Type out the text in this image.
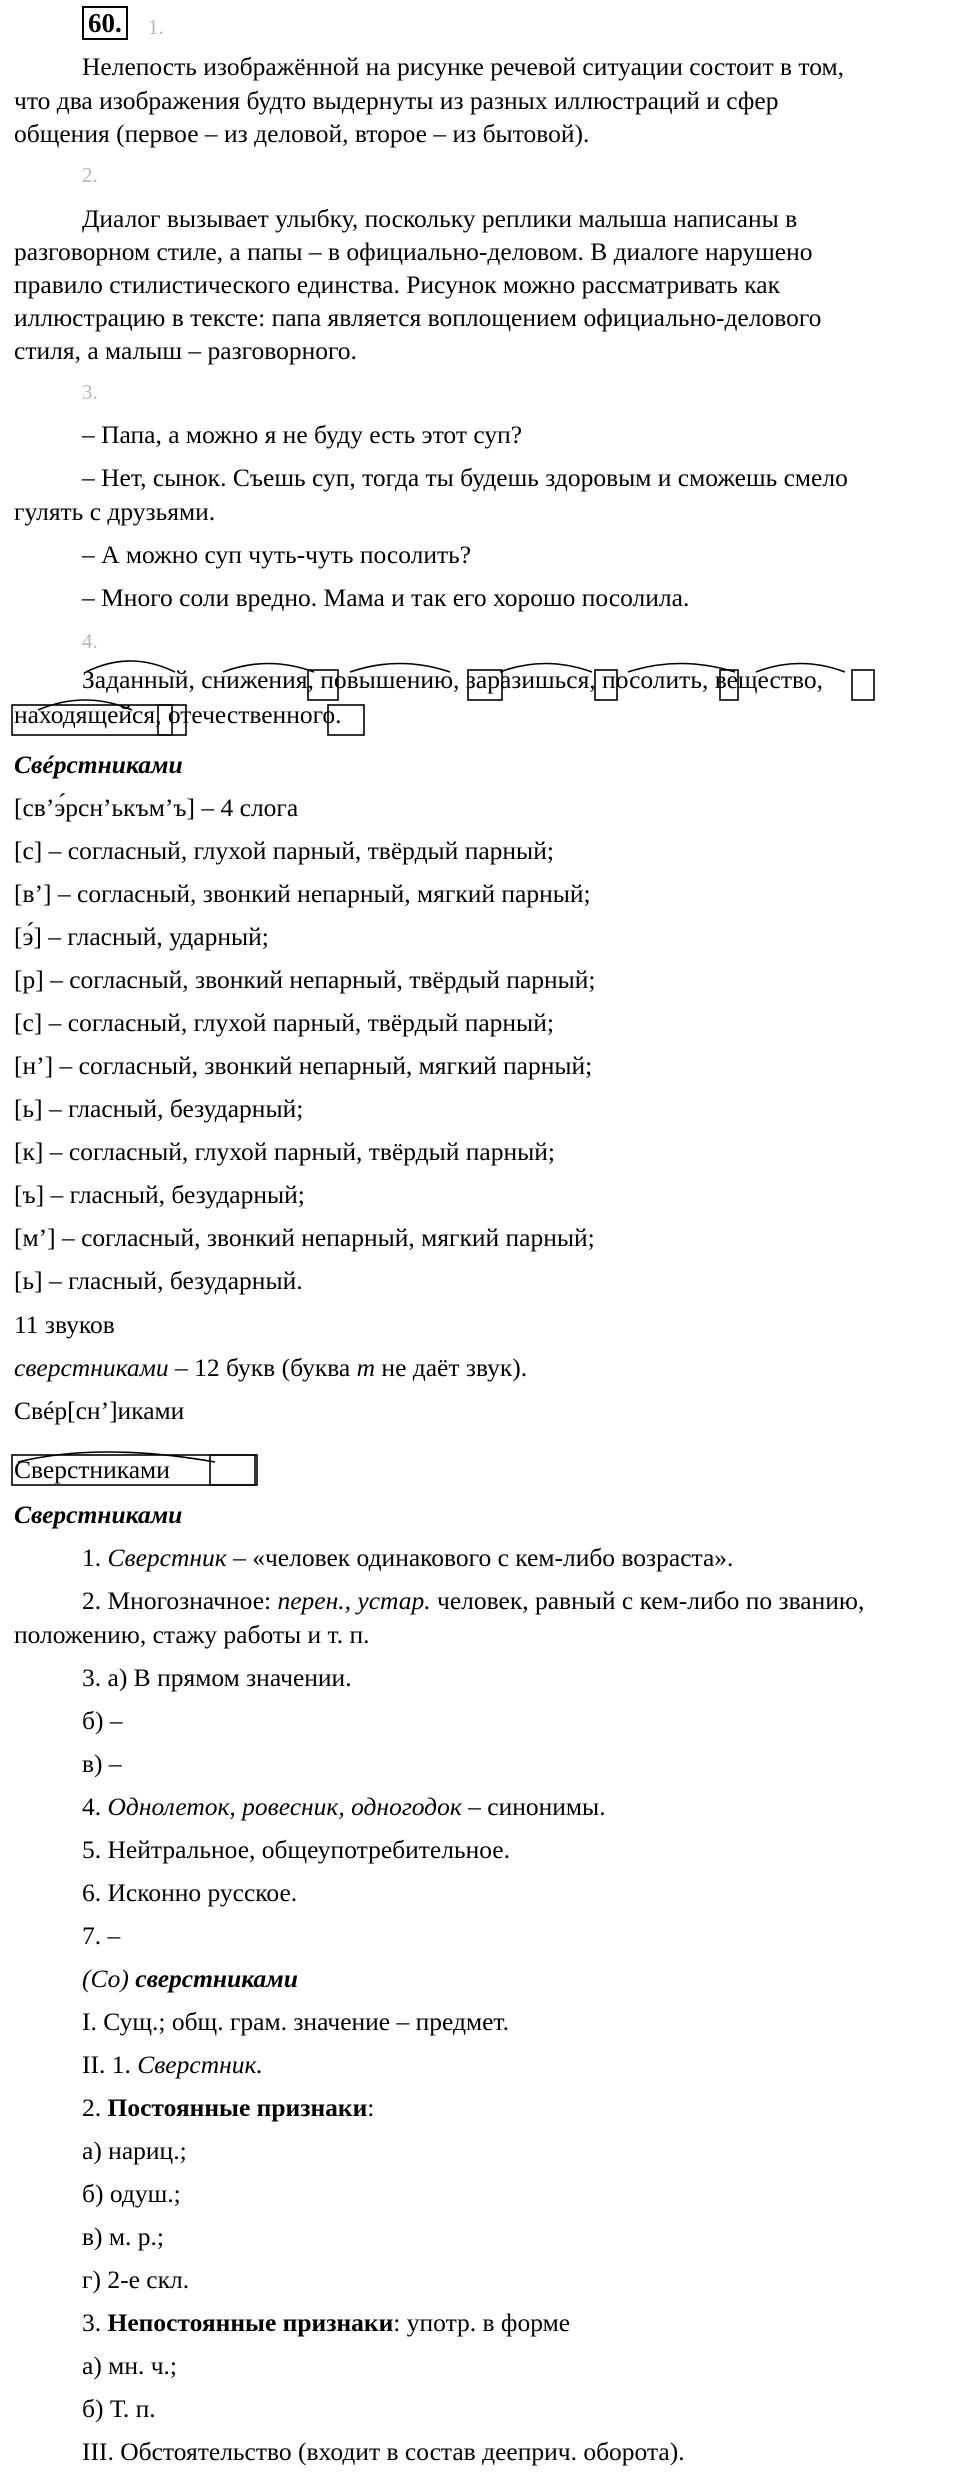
60. 1.
Нелепость изображённой на рисунке речевой ситуации состоит в том,
что два изображения будто выдернуты из разных иллюстраций и сфер
общения (первое – из деловой, второе – из бытовой).
2.
Диалог вызывает улыбку, поскольку реплики малыша написаны в
разговорном стиле, а папы – в официально-деловом. В диалоге нарушено
правило стилистического единства. Рисунок можно рассматривать как
иллюстрацию в тексте: папа является воплощением официально-делового
стиля, а малыш – разговорного.
3.
– Папа, а можно я не буду есть этот суп?
– Нет, сынок. Съешь суп, тогда ты будешь здоровым и сможешь смело
гулять с друзьями.
– А можно суп чуть-чуть посолить?
– Много соли вредно. Мама и так его хорошо посолила.
4.
Заданный, снижения, повышению, заразишься, посолить, вещество,
находящейся, отечественного.
Свéрстниками
[св’э́рсн’ькъм’ъ] – 4 слога
[с] – согласный, глухой парный, твёрдый парный;
[в’] – согласный, звонкий непарный, мягкий парный;
[э́] – гласный, ударный;
[р] – согласный, звонкий непарный, твёрдый парный;
[с] – согласный, глухой парный, твёрдый парный;
[н’] – согласный, звонкий непарный, мягкий парный;
[ь] – гласный, безударный;
[к] – согласный, глухой парный, твёрдый парный;
[ъ] – гласный, безударный;
[м’] – согласный, звонкий непарный, мягкий парный;
[ь] – гласный, безударный.
11 звуков
сверстниками – 12 букв (буква т не даёт звук).
Свéр[сн’]иками
Сверстниками
Сверстниками
1. Сверстник – «человек одинакового с кем-либо возраста».
2. Многозначное: перен., устар. человек, равный с кем-либо по званию,
положению, стажу работы и т. п.
3. а) В прямом значении.
б) –
в) –
4. Однолеток, ровесник, одногодок – синонимы.
5. Нейтральное, общеупотребительное.
6. Исконно русское.
7. –
(Со) сверстниками
I. Сущ.; общ. грам. значение – предмет.
II. 1. Сверстник.
2. Постоянные признаки:
а) нариц.;
б) одуш.;
в) м. р.;
г) 2-е скл.
3. Непостоянные признаки: употр. в форме
а) мн. ч.;
б) Т. п.
III. Обстоятельство (входит в состав дееприч. оборота).
